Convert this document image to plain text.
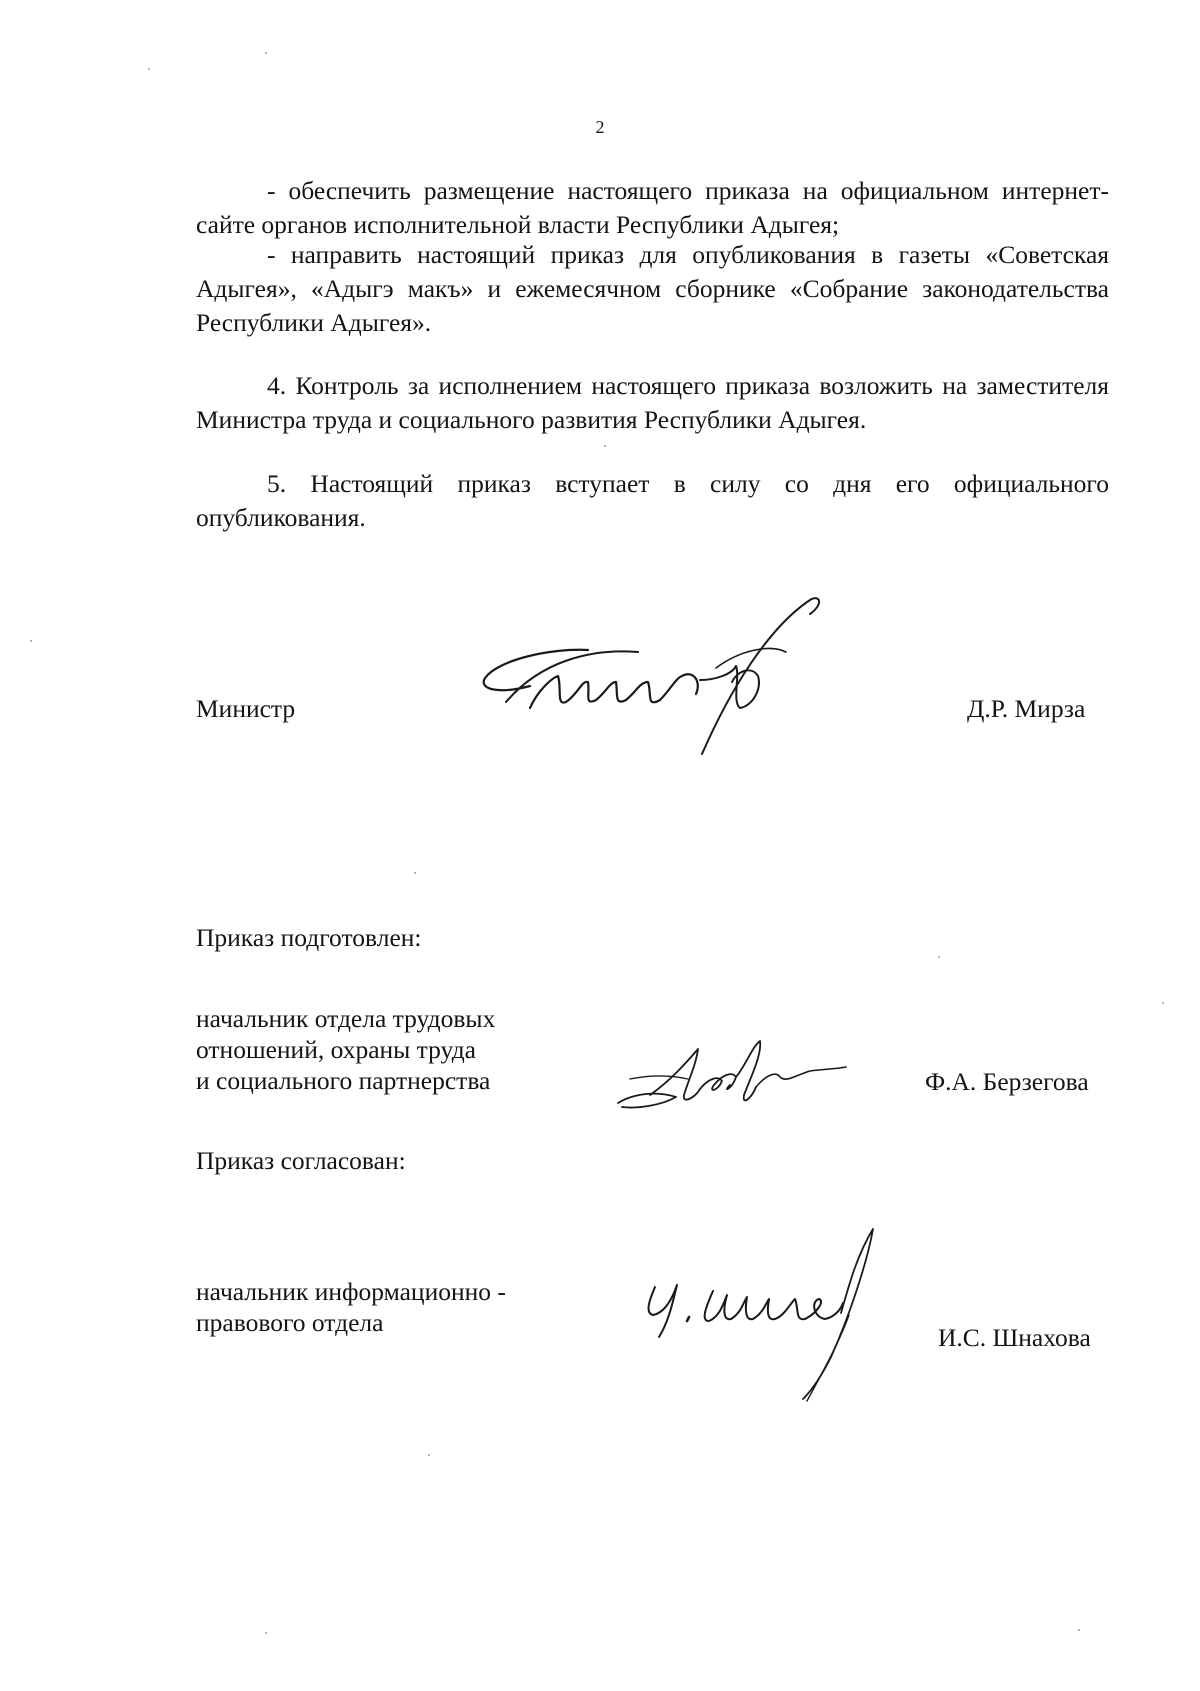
2

- обеспечить размещение настоящего приказа на официальном интернет-сайте органов исполнительной власти Республики Адыгея;

- направить настоящий приказ для опубликования в газеты «Советская Адыгея», «Адыгэ макъ» и ежемесячном сборнике «Собрание законодательства Республики Адыгея».

4. Контроль за исполнением настоящего приказа возложить на заместителя Министра труда и социального развития Республики Адыгея.

5. Настоящий приказ вступает в силу со дня его официального опубликования.

Министр	Д.Р. Мирза
Приказ подготовлен:
начальник отдела трудовых
отношений, охраны труда
и социального партнерства	Ф.А. Берзегова
Приказ согласован:
начальник информационно -
правового отдела
И.С. Шнахова
